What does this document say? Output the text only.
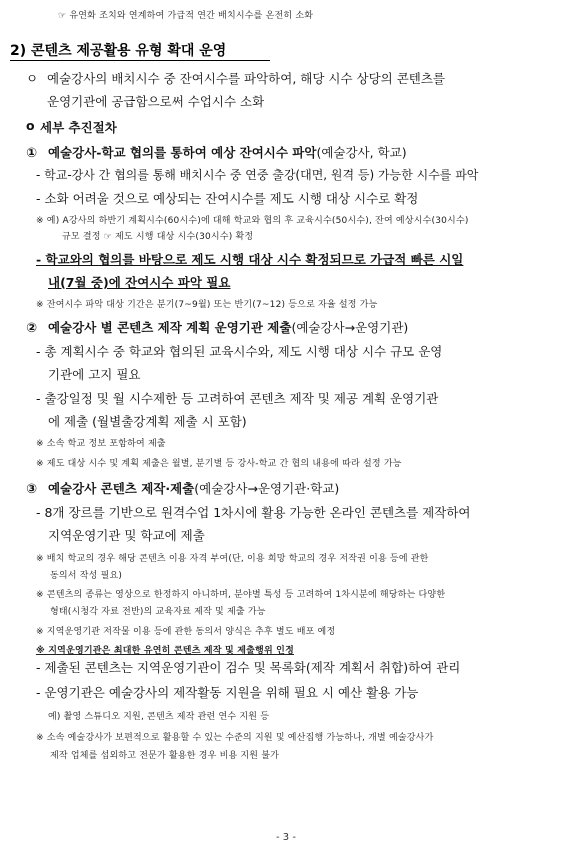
☞ 유연화 조치와 연계하여 가급적 연간 배치시수를 온전히 소화
2) 콘텐츠 제공활용 유형 확대 운영
ㅇ 예술강사의 배치시수 중 잔여시수를 파악하여, 해당 시수 상당의 콘텐츠를
운영기관에 공급함으로써 수업시수 소화
o 세부 추진절차
① 예술강사-학교 협의를 통하여 예상 잔여시수 파악(예술강사, 학교)
- 학교-강사 간 협의를 통해 배치시수 중 연중 출강(대면, 원격 등) 가능한 시수를 파악
- 소화 어려울 것으로 예상되는 잔여시수를 제도 시행 대상 시수로 확정
※ 예) A강사의 하반기 계획시수(60시수)에 대해 학교와 협의 후 교육시수(50시수), 잔여 예상시수(30시수)
규모 결정 ☞ 제도 시행 대상 시수(30시수) 확정
- 학교와의 협의를 바탕으로 제도 시행 대상 시수 확정되므로 가급적 빠른 시일
내(7월 중)에 잔여시수 파악 필요
※ 잔여시수 파악 대상 기간은 분기(7~9월) 또는 반기(7~12) 등으로 자율 설정 가능
② 예술강사 별 콘텐츠 제작 계획 운영기관 제출(예술강사→운영기관)
- 총 계획시수 중 학교와 협의된 교육시수와, 제도 시행 대상 시수 규모 운영
기관에 고지 필요
- 출강일정 및 월 시수제한 등 고려하여 콘텐츠 제작 및 제공 계획 운영기관
에 제출 (월별출강계획 제출 시 포함)
※ 소속 학교 정보 포함하여 제출
※ 제도 대상 시수 및 계획 제출은 월별, 분기별 등 강사-학교 간 협의 내용에 따라 설정 가능
③ 예술강사 콘텐츠 제작·제출(예술강사→운영기관·학교)
- 8개 장르를 기반으로 원격수업 1차시에 활용 가능한 온라인 콘텐츠를 제작하여
지역운영기관 및 학교에 제출
※ 배치 학교의 경우 해당 콘텐츠 이용 자격 부여(단, 이용 희망 학교의 경우 저작권 이용 등에 관한
동의서 작성 필요)
※ 콘텐츠의 종류는 영상으로 한정하지 아니하며, 분야별 특성 등 고려하여 1차시분에 해당하는 다양한
형태(시청각 자료 전반)의 교육자료 제작 및 제출 가능
※ 지역운영기관 저작물 이용 등에 관한 동의서 양식은 추후 별도 배포 예정
※ 지역운영기관은 최대한 유연히 콘텐츠 제작 및 제출행위 인정
- 제출된 콘텐츠는 지역운영기관이 검수 및 목록화(제작 계획서 취합)하여 관리
- 운영기관은 예술강사의 제작활동 지원을 위해 필요 시 예산 활용 가능
예) 촬영 스튜디오 지원, 콘텐츠 제작 관련 연수 지원 등
※ 소속 예술강사가 보편적으로 활용할 수 있는 수준의 지원 및 예산집행 가능하나, 개별 예술강사가
제작 업체를 섭외하고 전문가 활용한 경우 비용 지원 불가
- 3 -
